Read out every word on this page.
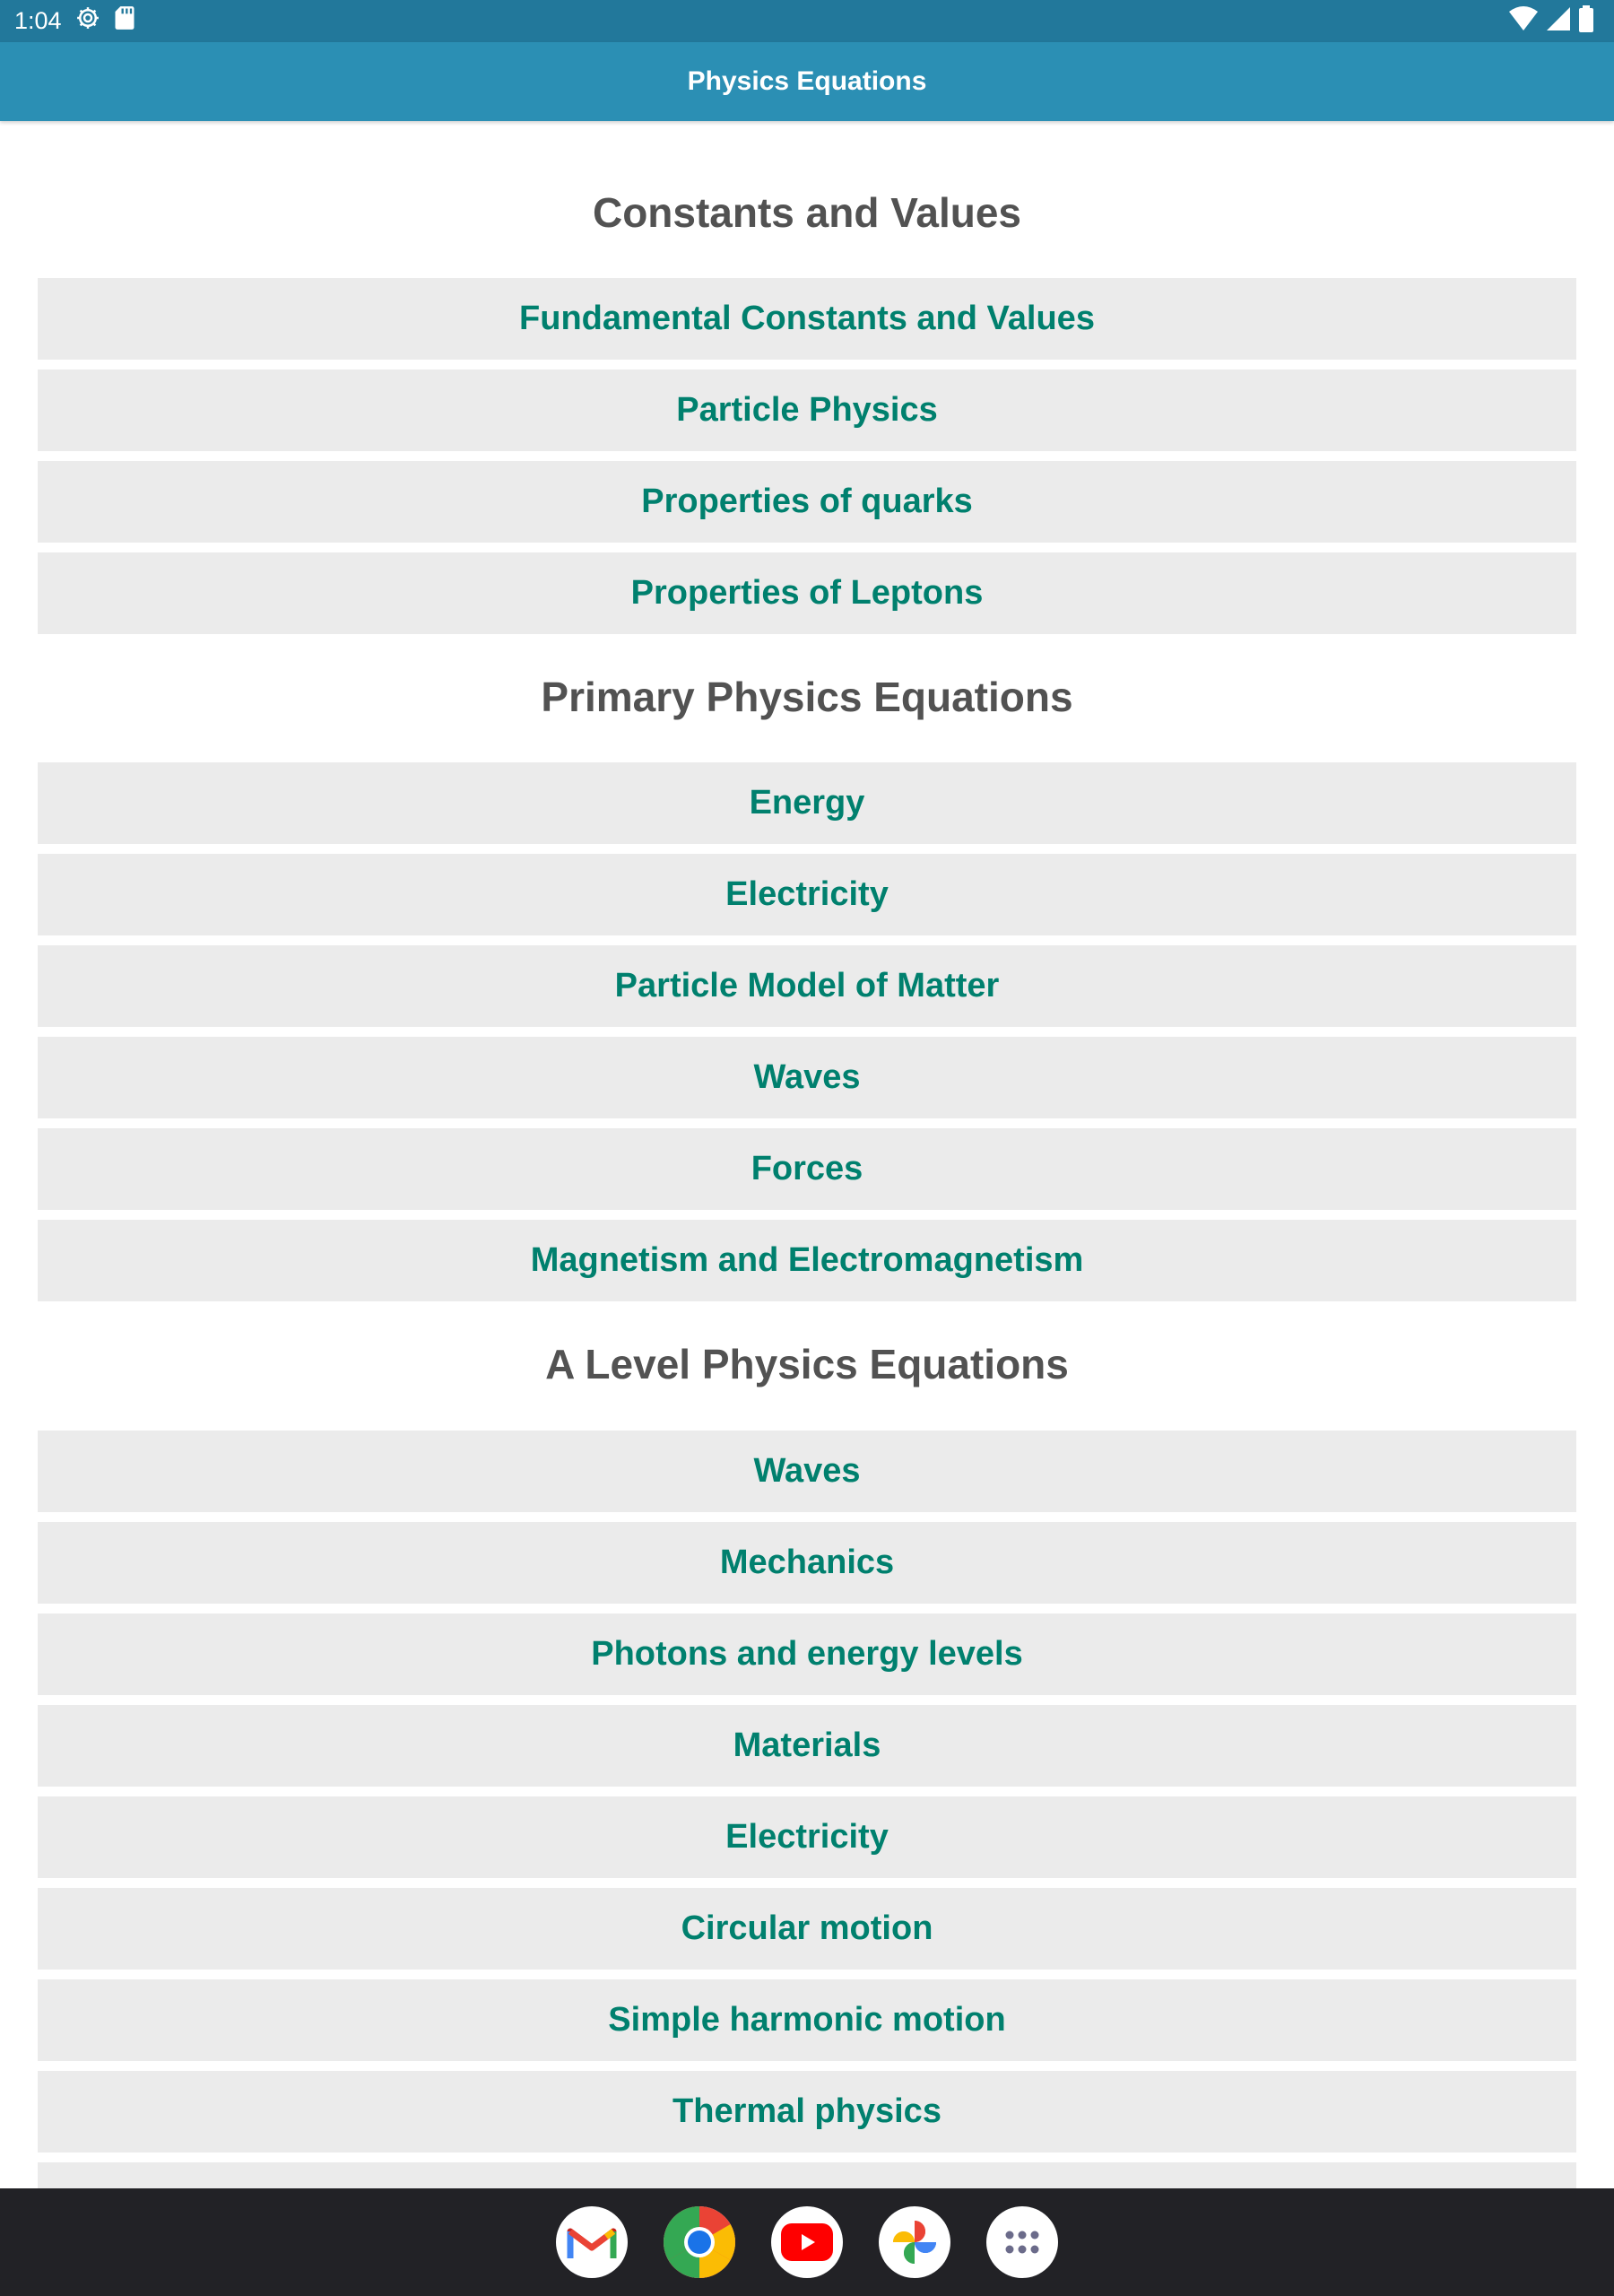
1:04
Physics Equations
Constants and Values
Fundamental Constants and Values
Particle Physics
Properties of quarks
Properties of Leptons
Primary Physics Equations
Energy
Electricity
Particle Model of Matter
Waves
Forces
Magnetism and Electromagnetism
A Level Physics Equations
Waves
Mechanics
Photons and energy levels
Materials
Electricity
Circular motion
Simple harmonic motion
Thermal physics
